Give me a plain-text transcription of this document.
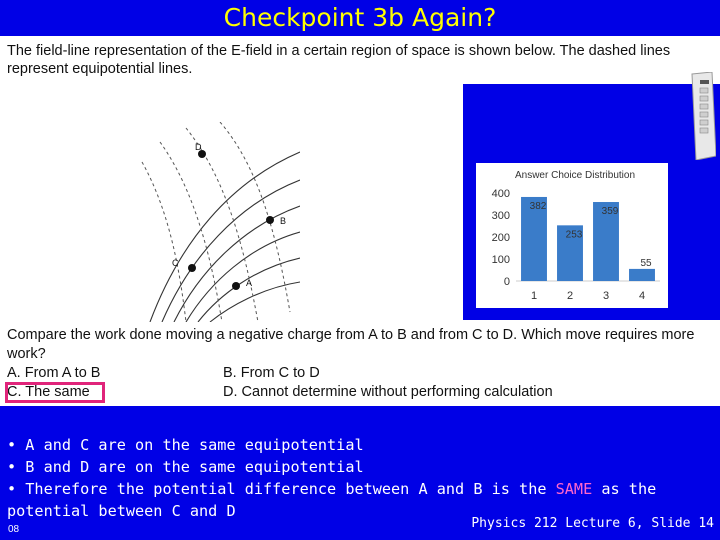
Checkpoint 3b Again?
The field-line representation of the E-field in a certain region of space is shown below. The dashed lines represent equipotential lines.
D
B
C
A
Answer Choice Distribution
0
100
200
300
400
382
1
253
2
359
3
55
4
Compare the work done moving a negative charge from A to B and from C to D. Which move requires more work?
A. From A to B	B. From C to D
C. The same	D. Cannot determine without performing calculation
• A and C are on the same equipotential
• B and D are on the same equipotential
• Therefore the potential difference between A and B is the SAME as the potential between C and D
08	Physics 212 Lecture 6, Slide 14
